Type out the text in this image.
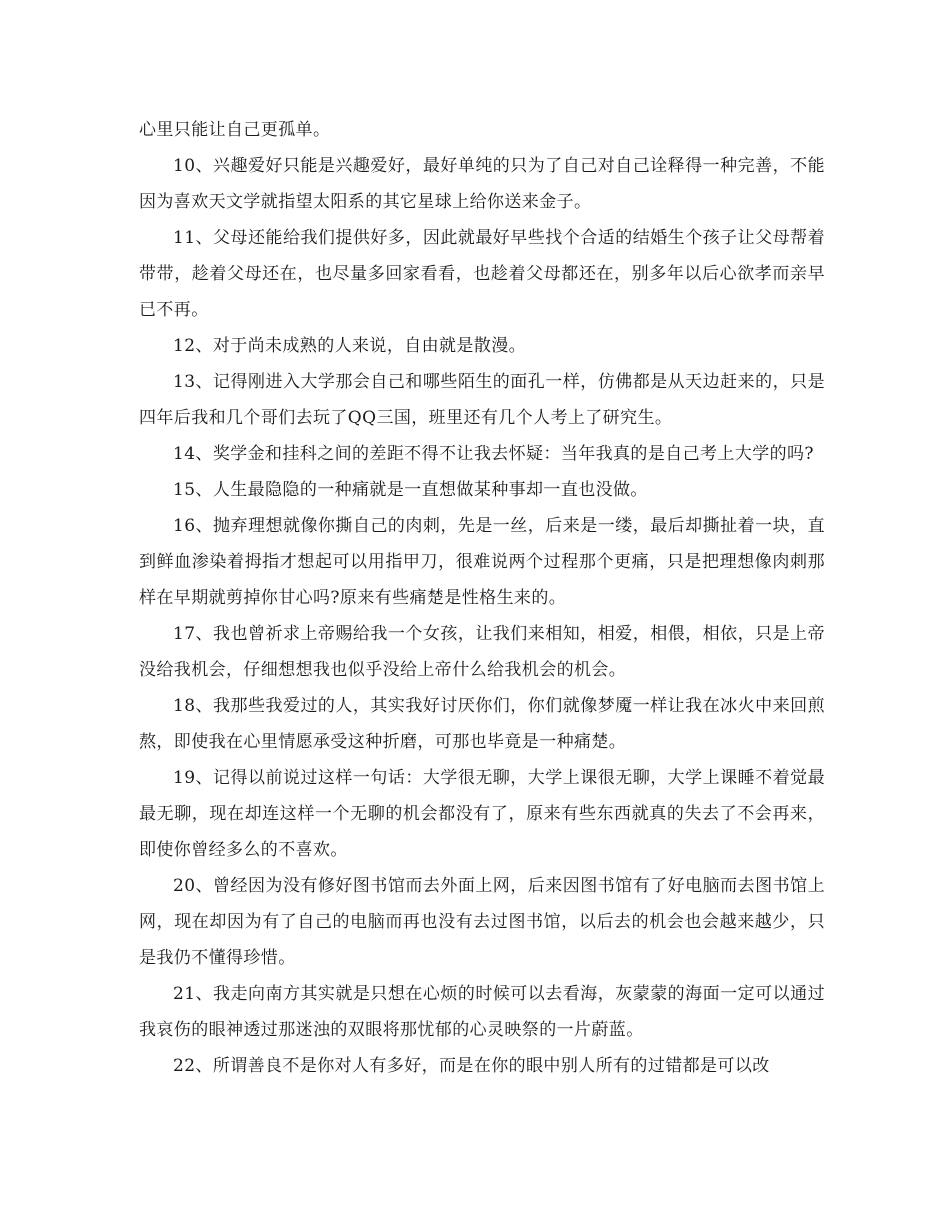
心里只能让自己更孤单。

10、兴趣爱好只能是兴趣爱好，最好单纯的只为了自己对自己诠释得一种完善，不能因为喜欢天文学就指望太阳系的其它星球上给你送来金子。

11、父母还能给我们提供好多，因此就最好早些找个合适的结婚生个孩子让父母帮着带带，趁着父母还在，也尽量多回家看看，也趁着父母都还在，别多年以后心欲孝而亲早已不再。

12、对于尚未成熟的人来说，自由就是散漫。

13、记得刚进入大学那会自己和哪些陌生的面孔一样，仿佛都是从天边赶来的，只是四年后我和几个哥们去玩了QQ三国，班里还有几个人考上了研究生。

14、奖学金和挂科之间的差距不得不让我去怀疑：当年我真的是自己考上大学的吗?

15、人生最隐隐的一种痛就是一直想做某种事却一直也没做。

16、抛弃理想就像你撕自己的肉刺，先是一丝，后来是一缕，最后却撕扯着一块，直到鲜血渗染着拇指才想起可以用指甲刀，很难说两个过程那个更痛，只是把理想像肉刺那样在早期就剪掉你甘心吗?原来有些痛楚是性格生来的。

17、我也曾祈求上帝赐给我一个女孩，让我们来相知，相爱，相偎，相依，只是上帝没给我机会，仔细想想我也似乎没给上帝什么给我机会的机会。

18、我那些我爱过的人，其实我好讨厌你们，你们就像梦魇一样让我在冰火中来回煎熬，即使我在心里情愿承受这种折磨，可那也毕竟是一种痛楚。

19、记得以前说过这样一句话：大学很无聊，大学上课很无聊，大学上课睡不着觉最最无聊，现在却连这样一个无聊的机会都没有了，原来有些东西就真的失去了不会再来，即使你曾经多么的不喜欢。

20、曾经因为没有修好图书馆而去外面上网，后来因图书馆有了好电脑而去图书馆上网，现在却因为有了自己的电脑而再也没有去过图书馆，以后去的机会也会越来越少，只是我仍不懂得珍惜。

21、我走向南方其实就是只想在心烦的时候可以去看海，灰蒙蒙的海面一定可以通过我哀伤的眼神透过那迷浊的双眼将那忧郁的心灵映祭的一片蔚蓝。

22、所谓善良不是你对人有多好，而是在你的眼中别人所有的过错都是可以改
